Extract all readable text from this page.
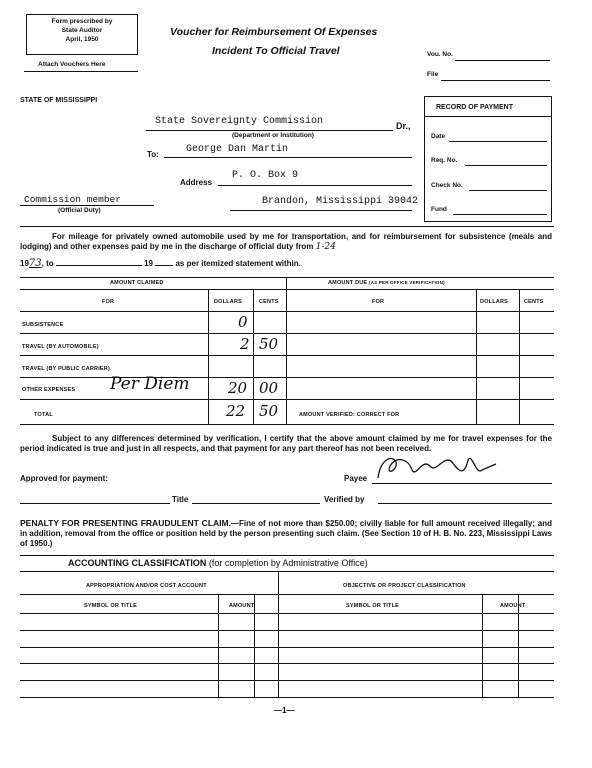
Form prescribed by
State Auditor
April, 1950
Attach Vouchers Here
Voucher for Reimbursement Of Expenses
Incident To Official Travel	Vou. No.
File
STATE OF MISSISSIPPI
State Sovereignty Commission	Dr.,
(Department or Institution)
To:	George Dan Martin
Address
P. O. Box 9
Brandon, Mississippi 39042
Commission member
(Official Duty)
RECORD OF PAYMENT
Date
Req. No.
Check No.
Fund
For mileage for privately owned automobile used by me for transportation, and for reimbursement for subsistence (meals and lodging) and other expenses paid by me in the discharge of official duty from 1-24
1973, to	19	as per itemized statement within.
AMOUNT CLAIMED	AMOUNT DUE (AS PER OFFICE VERIFICATION)
FOR	DOLLARS	CENTS	FOR	DOLLARS	CENTS
SUBSISTENCE	0
TRAVEL (BY AUTOMOBILE)	2 50
TRAVEL (BY PUBLIC CARRIER)
OTHER EXPENSES Per Diem	20 00
TOTAL	22 50	AMOUNT VERIFIED: CORRECT FOR
Subject to any differences determined by verification, I certify that the above amount claimed by me for travel expenses for the period indicated is true and just in all respects, and that payment for any part thereof has not been received.
Approved for payment:	Payee
Title	Verified by
PENALTY FOR PRESENTING FRAUDULENT CLAIM.—Fine of not more than $250.00; civilly liable for full amount received illegally; and in addition, removal from the office or position held by the person presenting such claim. (See Section 10 of H. B. No. 223, Mississippi Laws of 1950.)
ACCOUNTING CLASSIFICATION (for completion by Administrative Office)
APPROPRIATION AND/OR COST ACCOUNT	OBJECTIVE OR PROJECT CLASSIFICATION
SYMBOL OR TITLE	AMOUNT	SYMBOL OR TITLE	AMOUNT
—1—
